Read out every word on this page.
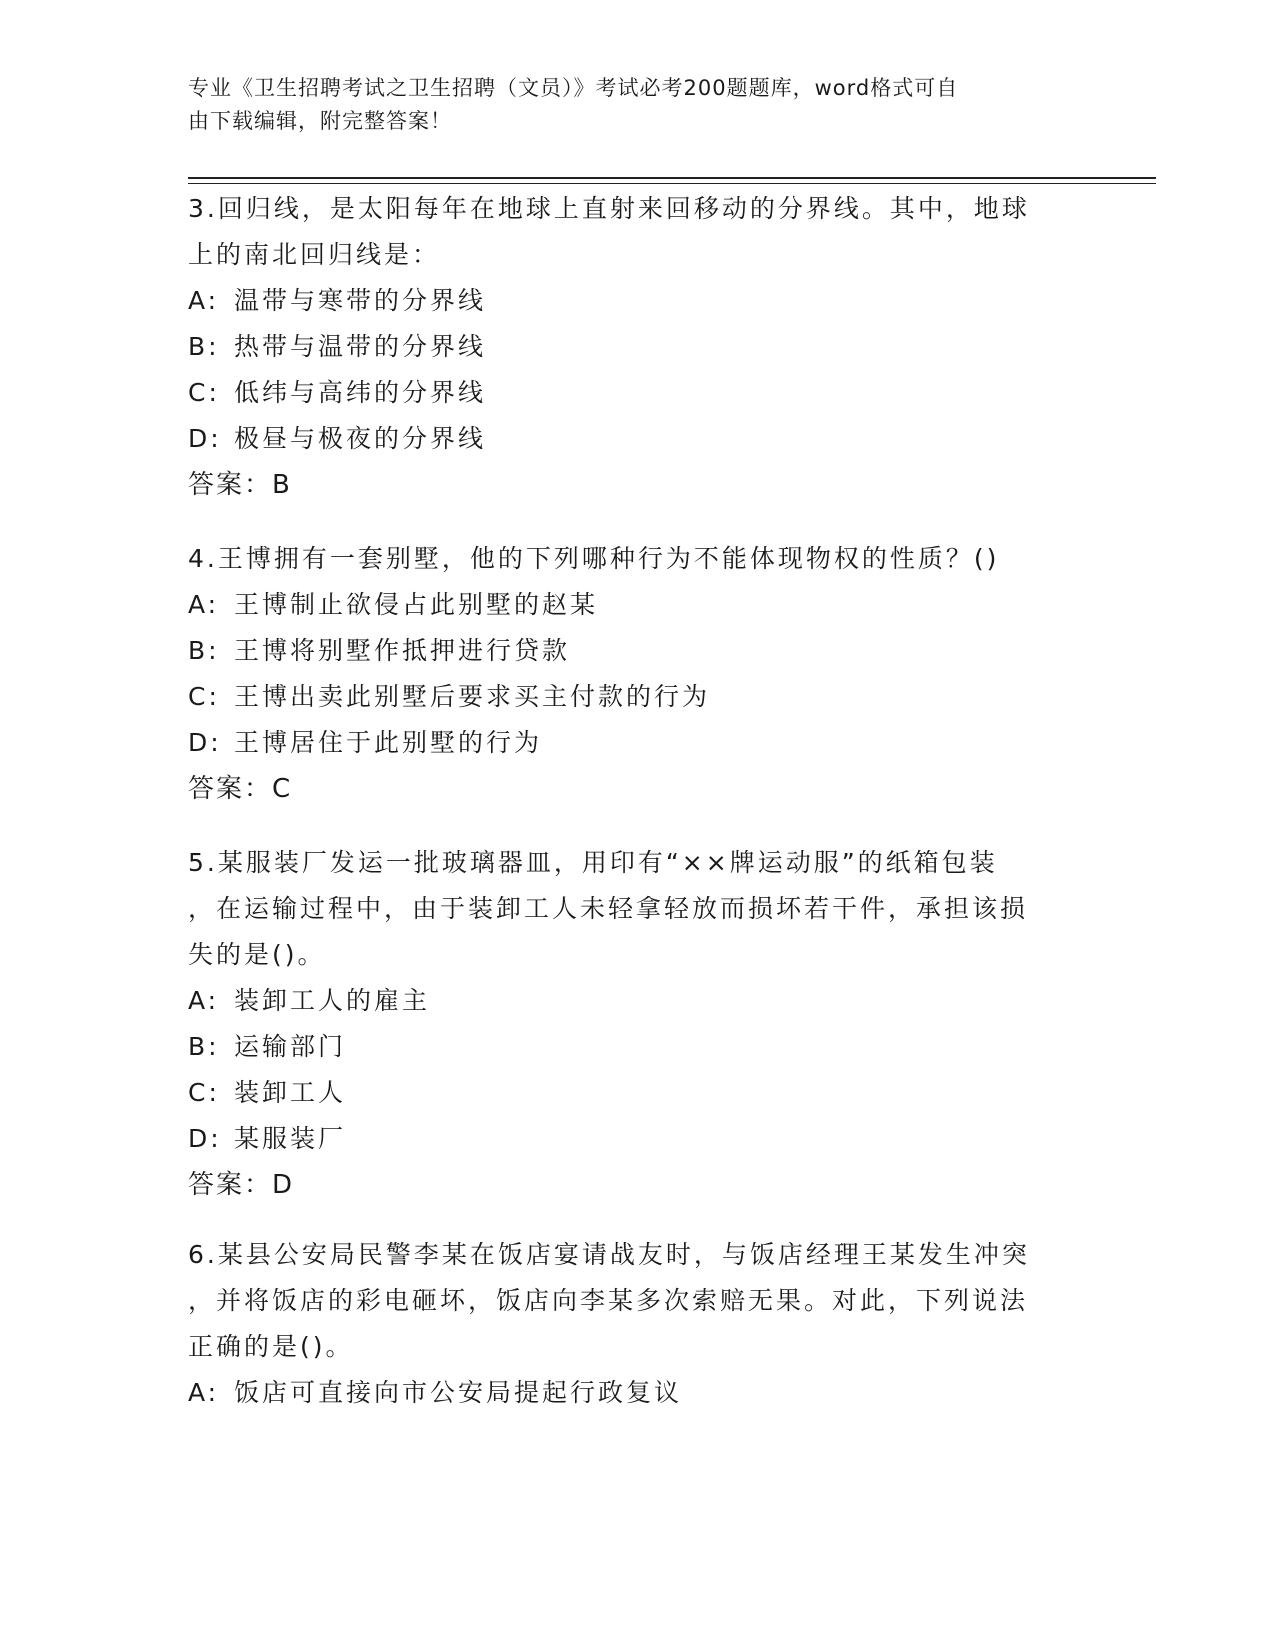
专业《卫生招聘考试之卫生招聘（文员）》考试必考200题题库，word格式可自
由下载编辑，附完整答案！
3.回归线，是太阳每年在地球上直射来回移动的分界线。其中，地球
上的南北回归线是：
A: 温带与寒带的分界线
B: 热带与温带的分界线
C: 低纬与高纬的分界线
D: 极昼与极夜的分界线
答案：B
4.王博拥有一套别墅，他的下列哪种行为不能体现物权的性质？()
A: 王博制止欲侵占此别墅的赵某
B: 王博将别墅作抵押进行贷款
C: 王博出卖此别墅后要求买主付款的行为
D: 王博居住于此别墅的行为
答案：C
5.某服装厂发运一批玻璃器皿，用印有“××牌运动服”的纸箱包装
，在运输过程中，由于装卸工人未轻拿轻放而损坏若干件，承担该损
失的是()。
A: 装卸工人的雇主
B: 运输部门
C: 装卸工人
D: 某服装厂
答案：D
6.某县公安局民警李某在饭店宴请战友时，与饭店经理王某发生冲突
，并将饭店的彩电砸坏，饭店向李某多次索赔无果。对此，下列说法
正确的是()。
A: 饭店可直接向市公安局提起行政复议
